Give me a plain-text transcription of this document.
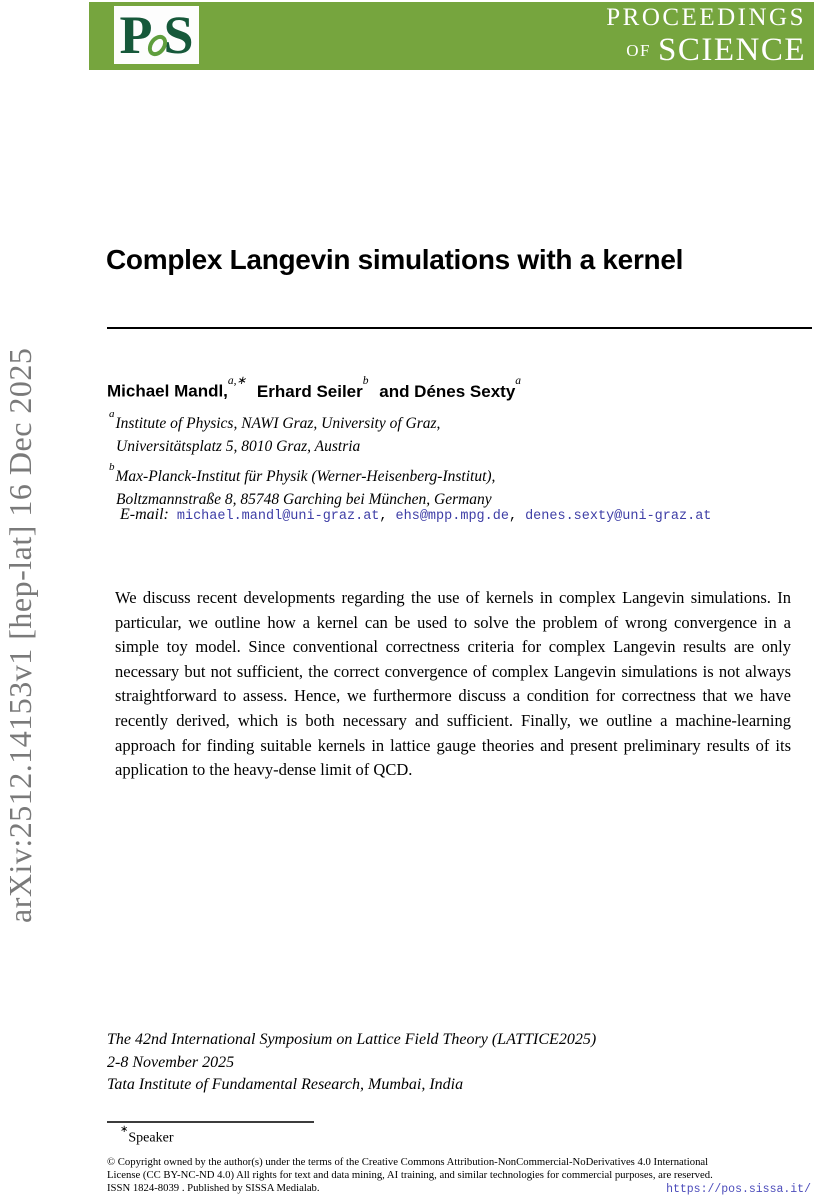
P S	PROCEEDINGS
OF SCIENCE
arXiv:2512.14153v1 [hep-lat] 16 Dec 2025
Complex Langevin simulations with a kernel
Michael Mandl,$^{a,∗}$ Erhard Seiler$^b$ and Dénes Sexty$^a$
$^a$Institute of Physics, NAWI Graz, University of Graz,
Universitätsplatz 5, 8010 Graz, Austria
$^b$Max-Planck-Institut für Physik (Werner-Heisenberg-Institut),
Boltzmannstraße 8, 85748 Garching bei München, Germany
E-mail: michael.mandl@uni-graz.at, ehs@mpp.mpg.de, denes.sexty@uni-graz.at

We discuss recent developments regarding the use of kernels in complex Langevin simulations. In particular, we outline how a kernel can be used to solve the problem of wrong convergence in a simple toy model. Since conventional correctness criteria for complex Langevin results are only necessary but not sufficient, the correct convergence of complex Langevin simulations is not always straightforward to assess. Hence, we furthermore discuss a condition for correctness that we have recently derived, which is both necessary and sufficient. Finally, we outline a machine-learning approach for finding suitable kernels in lattice gauge theories and present preliminary results of its application to the heavy-dense limit of QCD.

The 42nd International Symposium on Lattice Field Theory (LATTICE2025)
2-8 November 2025
Tata Institute of Fundamental Research, Mumbai, India
∗Speaker

© Copyright owned by the author(s) under the terms of the Creative Commons Attribution-NonCommercial-NoDerivatives 4.0 International License (CC BY-NC-ND 4.0) All rights for text and data mining, AI training, and similar technologies for commercial purposes, are reserved. ISSN 1824-8039 . Published by SISSA Medialab.	https://pos.sissa.it/
